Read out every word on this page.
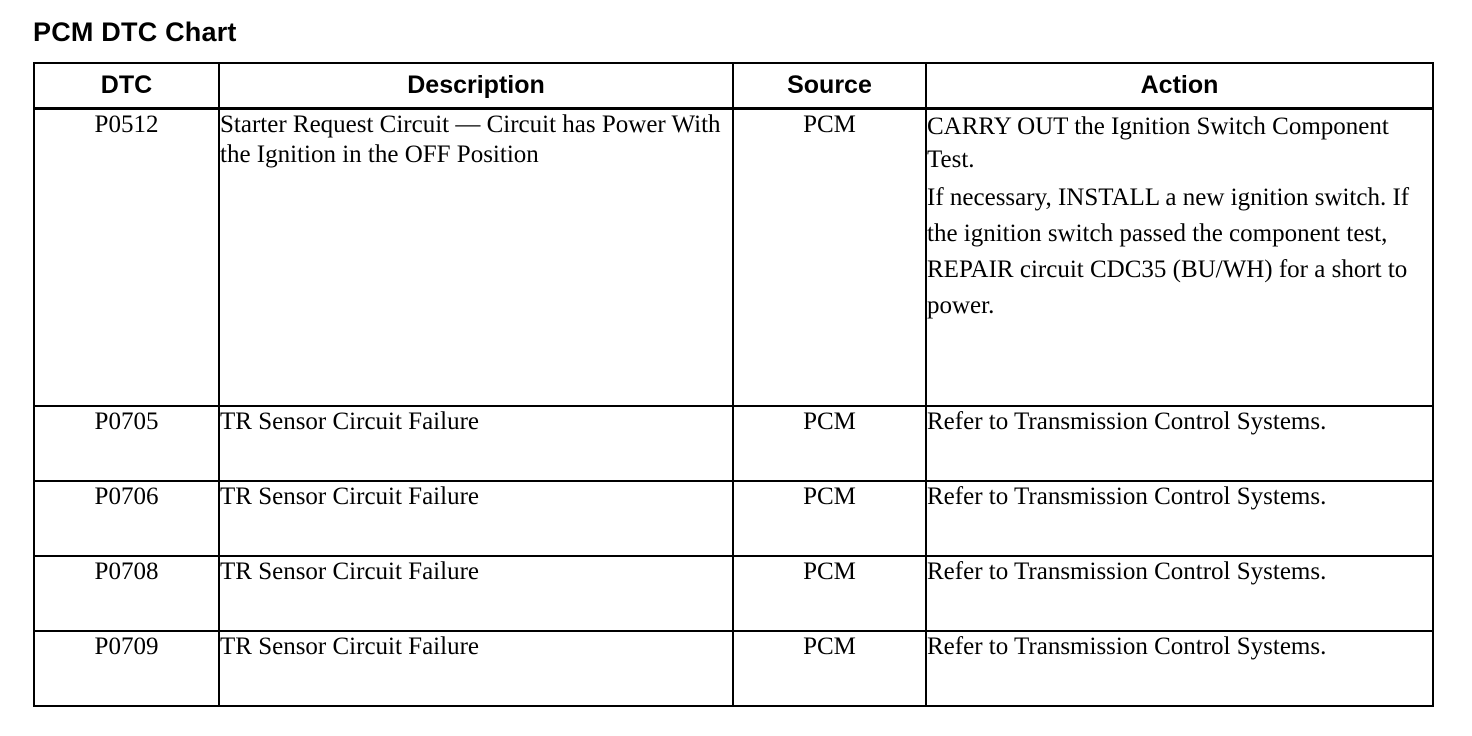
PCM DTC Chart
DTC	Description	Source	Action
P0512	Starter Request Circuit — Circuit has Power With the Ignition in the OFF Position	PCM	CARRY OUT the Ignition Switch Component Test.

If necessary, INSTALL a new ignition switch. If the ignition switch passed the component test, REPAIR circuit CDC35 (BU/WH) for a short to power.

P0705	TR Sensor Circuit Failure	PCM	Refer to Transmission Control Systems.
P0706	TR Sensor Circuit Failure	PCM	Refer to Transmission Control Systems.
P0708	TR Sensor Circuit Failure	PCM	Refer to Transmission Control Systems.
P0709	TR Sensor Circuit Failure	PCM	Refer to Transmission Control Systems.
